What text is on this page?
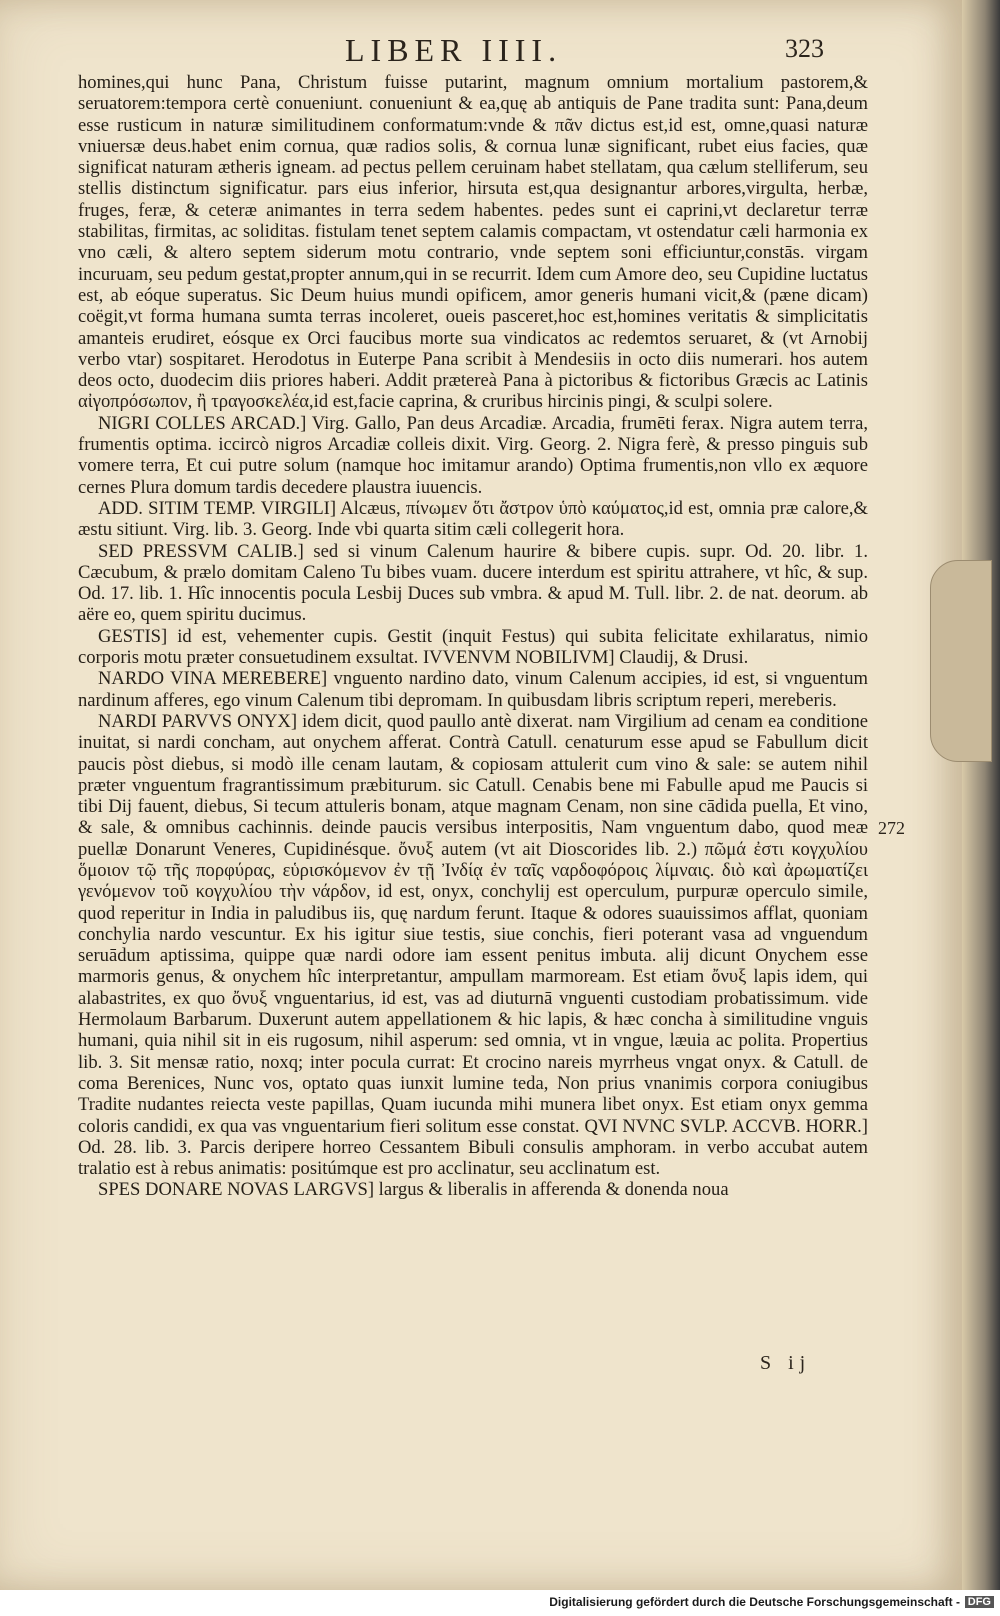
LIBER IIII.	323

homines,qui hunc Pana, Christum fuisse putarint, magnum omnium mortalium pastorem,& seruatorem:tempora certè conueniunt. conueniunt & ea,quę ab antiquis de Pane tradita sunt: Pana,deum esse rusticum in naturæ similitudinem conformatum:vnde & πᾶν dictus est,id est, omne,quasi naturæ vniuersæ deus.habet enim cornua, quæ radios solis, & cornua lunæ significant, rubet eius facies, quæ significat naturam ætheris igneam. ad pectus pellem ceruinam habet stellatam, qua cælum stelliferum, seu stellis distinctum significatur. pars eius inferior, hirsuta est,qua designantur arbores,virgulta, herbæ, fruges, feræ, & ceteræ animantes in terra sedem habentes. pedes sunt ei caprini,vt declaretur terræ stabilitas, firmitas, ac soliditas. fistulam tenet septem calamis compactam, vt ostendatur cæli harmonia ex vno cæli, & altero septem siderum motu contrario, vnde septem soni efficiuntur,constās. virgam incuruam, seu pedum gestat,propter annum,qui in se recurrit. Idem cum Amore deo, seu Cupidine luctatus est, ab eóque superatus. Sic Deum huius mundi opificem, amor generis humani vicit,& (pæne dicam) coëgit,vt forma humana sumta terras incoleret, oueis pasceret,hoc est,homines veritatis & simplicitatis amanteis erudiret, eósque ex Orci faucibus morte sua vindicatos ac redemtos seruaret, & (vt Arnobij verbo vtar) sospitaret. Herodotus in Euterpe Pana scribit à Mendesiis in octo diis numerari. hos autem deos octo, duodecim diis priores haberi. Addit prætereà Pana à pictoribus & fictoribus Græcis ac Latinis αἰγοπρόσωπον, ἢ τραγοσκελέα,id est,facie caprina, & cruribus hircinis pingi, & sculpi solere.

NIGRI COLLES ARCAD.] Virg. Gallo, Pan deus Arcadiæ. Arcadia, frumēti ferax. Nigra autem terra, frumentis optima. iccircò nigros Arcadiæ colleis dixit. Virg. Georg. 2. Nigra ferè, & presso pinguis sub vomere terra, Et cui putre solum (namque hoc imitamur arando) Optima frumentis,non vllo ex æquore cernes Plura domum tardis decedere plaustra iuuencis.

ADD. SITIM TEMP. VIRGILI] Alcæus, πίνωμεν ὅτι ἄστρον ὑπὸ καύματος,id est, omnia præ calore,& æstu sitiunt. Virg. lib. 3. Georg. Inde vbi quarta sitim cæli collegerit hora.

SED PRESSVM CALIB.] sed si vinum Calenum haurire & bibere cupis. supr. Od. 20. libr. 1. Cæcubum, & prælo domitam Caleno Tu bibes vuam. ducere interdum est spiritu attrahere, vt hîc, & sup. Od. 17. lib. 1. Hîc innocentis pocula Lesbij Duces sub vmbra. & apud M. Tull. libr. 2. de nat. deorum. ab aëre eo, quem spiritu ducimus.

GESTIS] id est, vehementer cupis. Gestit (inquit Festus) qui subita felicitate exhilaratus, nimio corporis motu præter consuetudinem exsultat. IVVENVM NOBILIVM] Claudij, & Drusi.

NARDO VINA MEREBERE] vnguento nardino dato, vinum Calenum accipies, id est, si vnguentum nardinum afferes, ego vinum Calenum tibi depromam. In quibusdam libris scriptum reperi, mereberis.

NARDI PARVVS ONYX] idem dicit, quod paullo antè dixerat. nam Virgilium ad cenam ea conditione inuitat, si nardi concham, aut onychem afferat. Contrà Catull. cenaturum esse apud se Fabullum dicit paucis pòst diebus, si modò ille cenam lautam, & copiosam attulerit cum vino & sale: se autem nihil præter vnguentum fragrantissimum præbiturum. sic Catull. Cenabis bene mi Fabulle apud me Paucis si tibi Dij fauent, diebus, Si tecum attuleris bonam, atque magnam Cenam, non sine cādida puella, Et vino, & sale, & omnibus cachinnis. deinde paucis versibus interpositis, Nam vnguentum dabo, quod meæ puellæ Donarunt Veneres, Cupidinésque. ὄνυξ autem (vt ait Dioscorides lib. 2.) πῶμά ἐστι κογχυλίου ὅμοιον τῷ τῆς πορφύρας, εὑρισκόμενον ἐν τῇ Ἰνδίᾳ ἐν ταῖς ναρδοφόροις λίμναις. διὸ καὶ ἀρωματίζει γενόμενον τοῦ κογχυλίου τὴν νάρδον, id est, onyx, conchylij est operculum, purpuræ operculo simile, quod reperitur in India in paludibus iis, quę nardum ferunt. Itaque & odores suauissimos afflat, quoniam conchylia nardo vescuntur. Ex his igitur siue testis, siue conchis, fieri poterant vasa ad vnguendum seruādum aptissima, quippe quæ nardi odore iam essent penitus imbuta. alij dicunt Onychem esse marmoris genus, & onychem hîc interpretantur, ampullam marmoream. Est etiam ὄνυξ lapis idem, qui alabastrites, ex quo ὄνυξ vnguentarius, id est, vas ad diuturnā vnguenti custodiam probatissimum. vide Hermolaum Barbarum. Duxerunt autem appellationem & hic lapis, & hæc concha à similitudine vnguis humani, quia nihil sit in eis rugosum, nihil asperum: sed omnia, vt in vngue, læuia ac polita. Propertius lib. 3. Sit mensæ ratio, noxq; inter pocula currat: Et crocino nareis myrrheus vngat onyx. & Catull. de coma Berenices, Nunc vos, optato quas iunxit lumine teda, Non prius vnanimis corpora coniugibus Tradite nudantes reiecta veste papillas, Quam iucunda mihi munera libet onyx. Est etiam onyx gemma coloris candidi, ex qua vas vnguentarium fieri solitum esse constat. QVI NVNC SVLP. ACCVB. HORR.] Od. 28. lib. 3. Parcis deripere horreo Cessantem Bibuli consulis amphoram. in verbo accubat autem tralatio est à rebus animatis: positúmque est pro acclinatur, seu acclinatum est.

SPES DONARE NOVAS LARGVS] largus & liberalis in afferenda & donenda noua

272
S ij
Digitalisierung gefördert durch die Deutsche Forschungsgemeinschaft - DFG
